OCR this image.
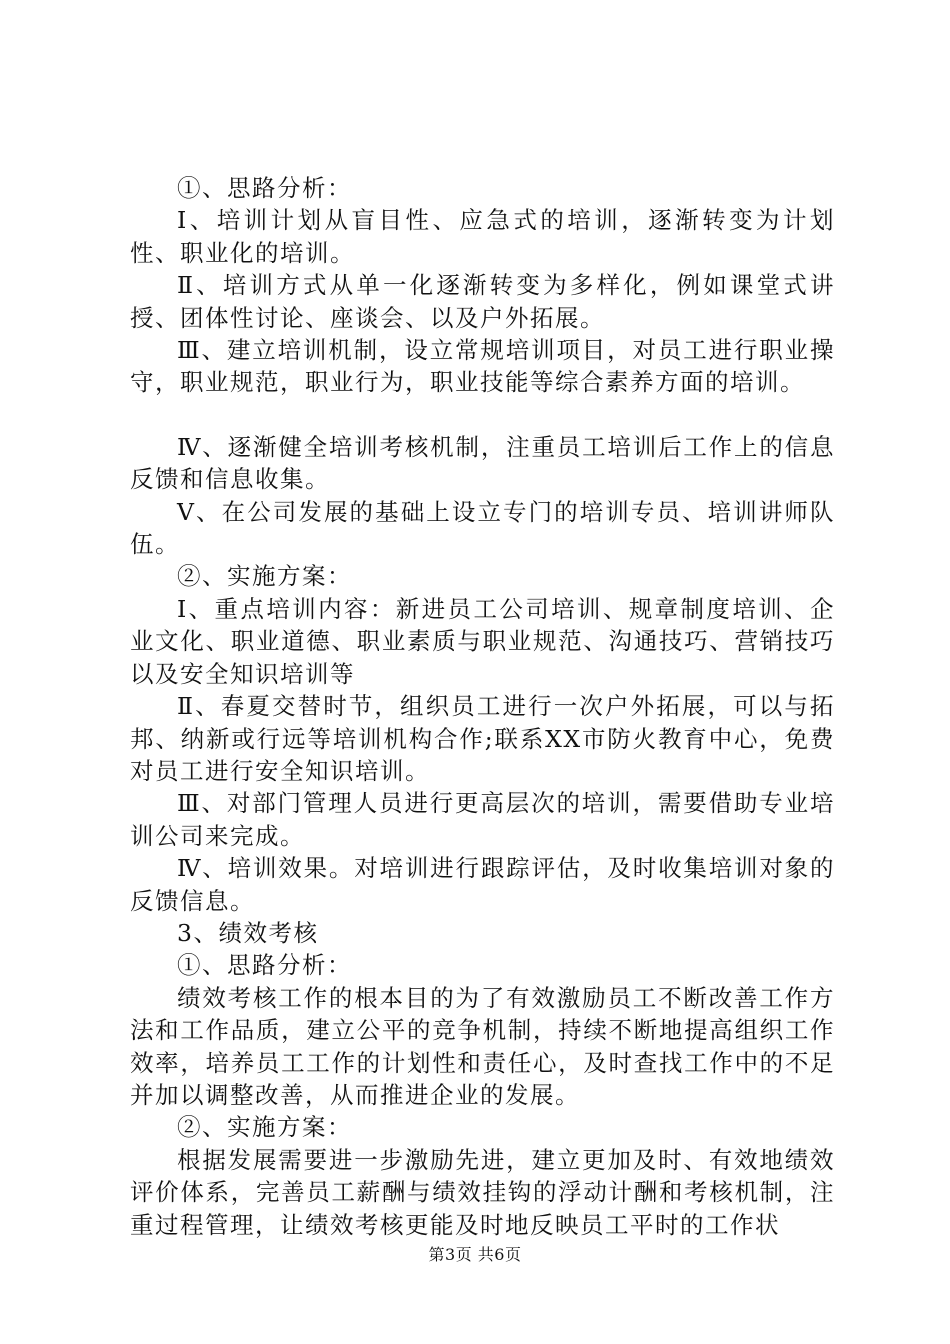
①、思路分析：

Ⅰ、培训计划从盲目性、应急式的培训，逐渐转变为计划性、职业化的培训。

Ⅱ、培训方式从单一化逐渐转变为多样化，例如课堂式讲授、团体性讨论、座谈会、以及户外拓展。

Ⅲ、建立培训机制，设立常规培训项目，对员工进行职业操守，职业规范，职业行为，职业技能等综合素养方面的培训。

Ⅳ、逐渐健全培训考核机制，注重员工培训后工作上的信息反馈和信息收集。

Ⅴ、在公司发展的基础上设立专门的培训专员、培训讲师队伍。

②、实施方案：

Ⅰ、重点培训内容：新进员工公司培训、规章制度培训、企业文化、职业道德、职业素质与职业规范、沟通技巧、营销技巧以及安全知识培训等

Ⅱ、春夏交替时节，组织员工进行一次户外拓展，可以与拓邦、纳新或行远等培训机构合作;联系XX市防火教育中心，免费对员工进行安全知识培训。

Ⅲ、对部门管理人员进行更高层次的培训，需要借助专业培训公司来完成。

Ⅳ、培训效果。对培训进行跟踪评估，及时收集培训对象的反馈信息。

3、绩效考核

①、思路分析：

绩效考核工作的根本目的为了有效激励员工不断改善工作方法和工作品质，建立公平的竞争机制，持续不断地提高组织工作效率，培养员工工作的计划性和责任心，及时查找工作中的不足并加以调整改善，从而推进企业的发展。

②、实施方案：

根据发展需要进一步激励先进，建立更加及时、有效地绩效评价体系，完善员工薪酬与绩效挂钩的浮动计酬和考核机制，注重过程管理，让绩效考核更能及时地反映员工平时的工作状

第3页 共6页
